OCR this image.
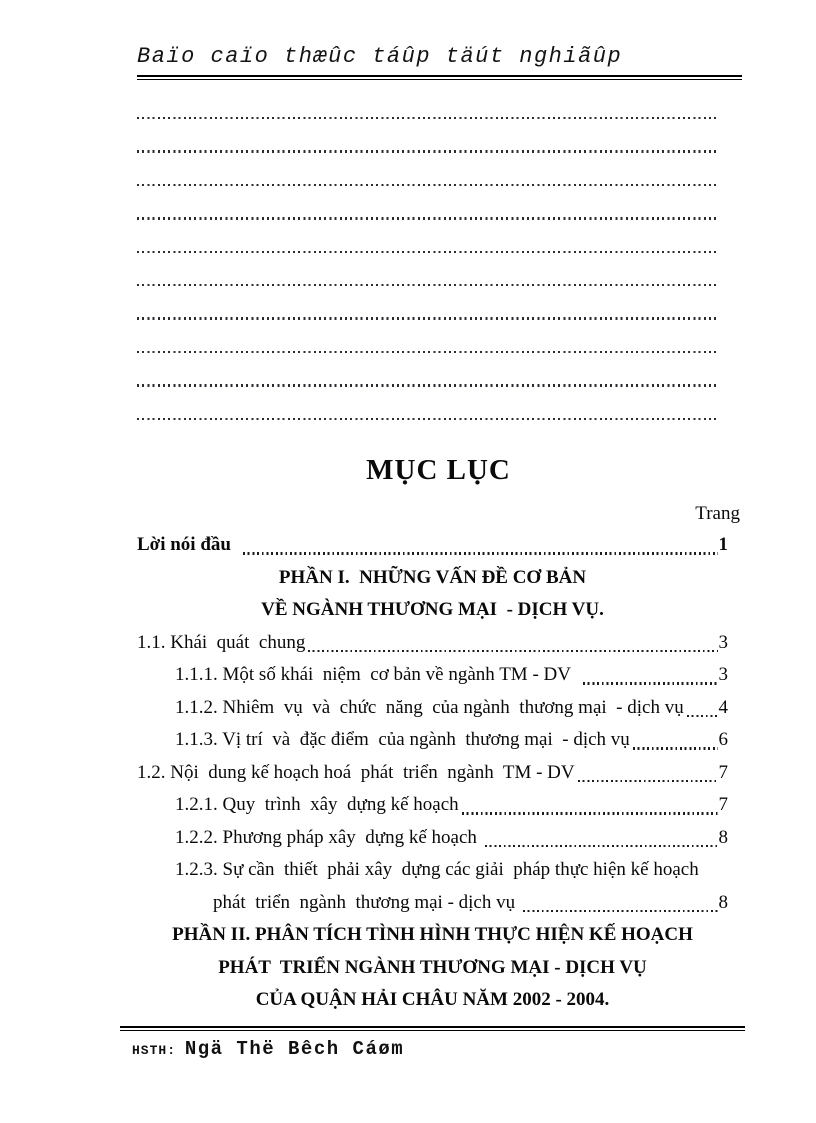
Baïo caïo thæûc táûp täút nghiãûp
MỤC LỤC
Trang
Lời nói đầu	1
PHẦN I.  NHỮNG VẤN ĐỀ CƠ BẢN
VỀ NGÀNH THƯƠNG MẠI  - DỊCH VỤ.
1.1. Khái  quát  chung	3
1.1.1. Một số khái  niệm  cơ bản về ngành TM - DV	3
1.1.2. Nhiêm  vụ  và  chức  năng  của ngành  thương mại  - dịch vụ 4
1.1.3. Vị trí  và  đặc điểm  của ngành  thương mại  - dịch vụ	6
1.2. Nội  dung kế hoạch hoá  phát  triển  ngành  TM - DV	7
1.2.1. Quy  trình  xây  dựng kế hoạch	7
1.2.2. Phương pháp xây  dựng kế hoạch	8
1.2.3. Sự cần  thiết  phải xây  dựng các giải  pháp thực hiện kế hoạch
phát  triển  ngành  thương mại - dịch vụ	8
PHẦN II. PHÂN TÍCH TÌNH HÌNH THỰC HIỆN KẾ HOẠCH
PHÁT  TRIỂN NGÀNH THƯƠNG MẠI - DỊCH VỤ
CỦA QUẬN HẢI CHÂU NĂM 2002 - 2004.
HSTH: Ngä Thë Bêch Cáøm
